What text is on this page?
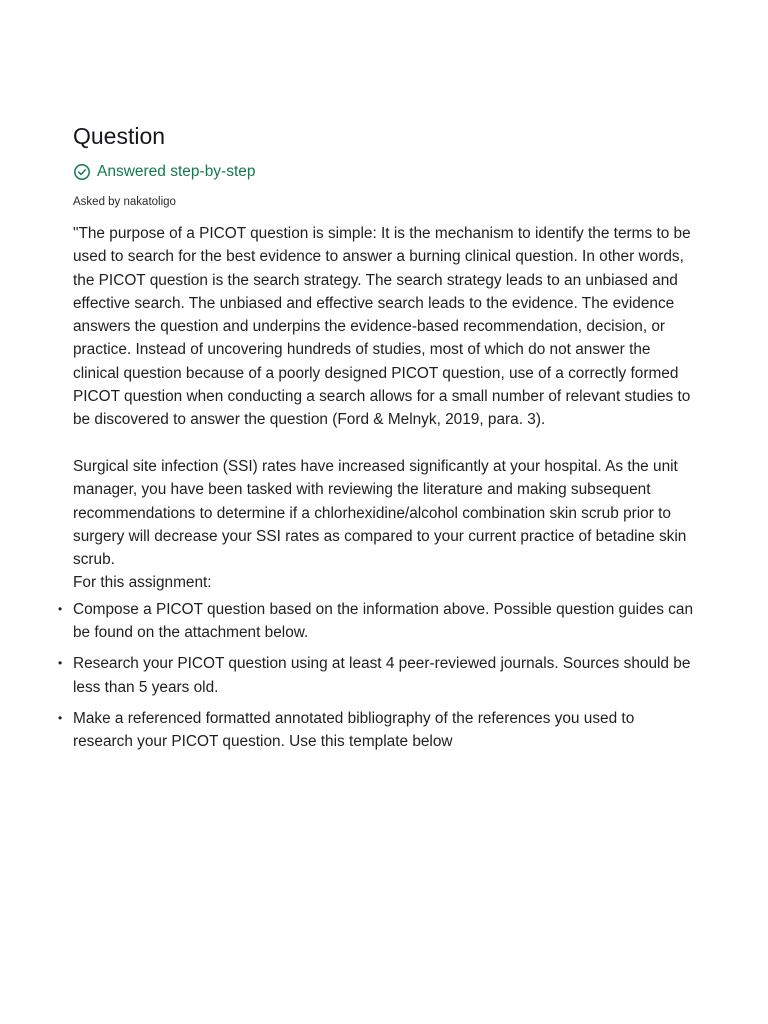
Question
Answered step-by-step
Asked by nakatoligo

"The purpose of a PICOT question is simple: It is the mechanism to identify the terms to be used to search for the best evidence to answer a burning clinical question. In other words, the PICOT question is the search strategy. The search strategy leads to an unbiased and effective search. The unbiased and effective search leads to the evidence. The evidence answers the question and underpins the evidence-based recommendation, decision, or practice. Instead of uncovering hundreds of studies, most of which do not answer the clinical question because of a poorly designed PICOT question, use of a correctly formed PICOT question when conducting a search allows for a small number of relevant studies to be discovered to answer the question (Ford & Melnyk, 2019, para. 3).

Surgical site infection (SSI) rates have increased significantly at your hospital. As the unit manager, you have been tasked with reviewing the literature and making subsequent recommendations to determine if a chlorhexidine/alcohol combination skin scrub prior to surgery will decrease your SSI rates as compared to your current practice of betadine skin scrub.

For this assignment:

• Compose a PICOT question based on the information above. Possible question guides can be found on the attachment below.
• Research your PICOT question using at least 4 peer-reviewed journals. Sources should be less than 5 years old.
• Make a referenced formatted annotated bibliography of the references you used to research your PICOT question. Use this template below
